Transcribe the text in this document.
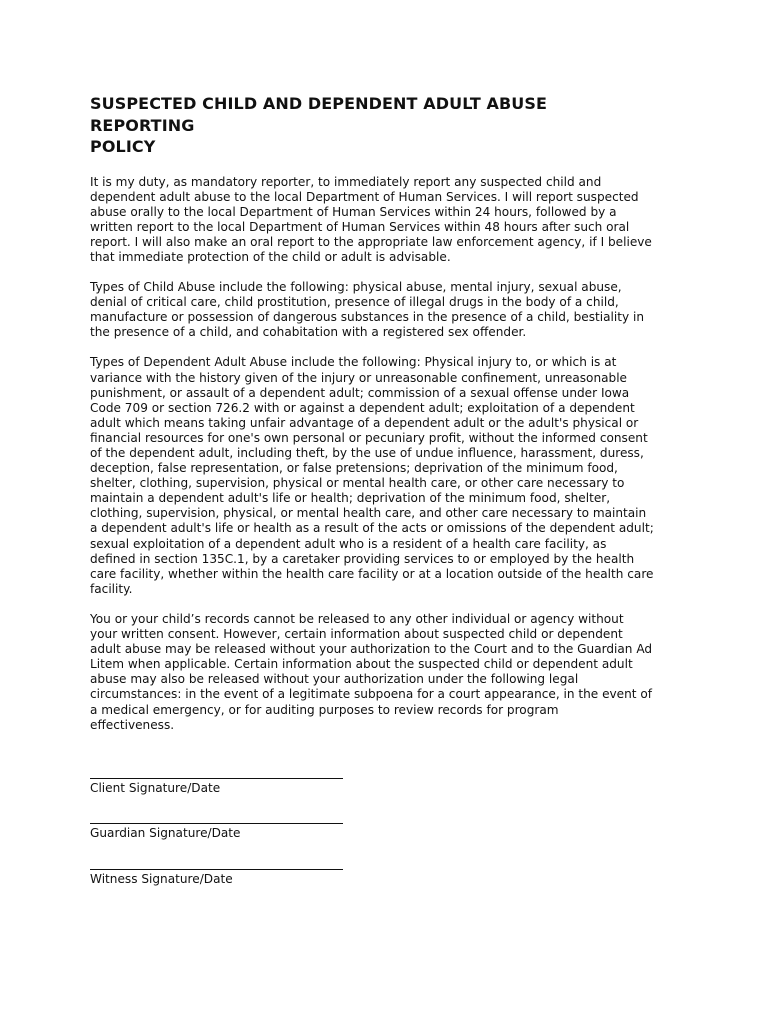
SUSPECTED CHILD AND DEPENDENT ADULT ABUSE
REPORTING
POLICY

It is my duty, as mandatory reporter, to immediately report any suspected child and
dependent adult abuse to the local Department of Human Services. I will report suspected
abuse orally to the local Department of Human Services within 24 hours, followed by a
written report to the local Department of Human Services within 48 hours after such oral
report. I will also make an oral report to the appropriate law enforcement agency, if I believe
that immediate protection of the child or adult is advisable.

Types of Child Abuse include the following: physical abuse, mental injury, sexual abuse,
denial of critical care, child prostitution, presence of illegal drugs in the body of a child,
manufacture or possession of dangerous substances in the presence of a child, bestiality in
the presence of a child, and cohabitation with a registered sex offender.

Types of Dependent Adult Abuse include the following: Physical injury to, or which is at
variance with the history given of the injury or unreasonable confinement, unreasonable
punishment, or assault of a dependent adult; commission of a sexual offense under Iowa
Code 709 or section 726.2 with or against a dependent adult; exploitation of a dependent
adult which means taking unfair advantage of a dependent adult or the adult's physical or
financial resources for one's own personal or pecuniary profit, without the informed consent
of the dependent adult, including theft, by the use of undue influence, harassment, duress,
deception, false representation, or false pretensions; deprivation of the minimum food,
shelter, clothing, supervision, physical or mental health care, or other care necessary to
maintain a dependent adult's life or health; deprivation of the minimum food, shelter,
clothing, supervision, physical, or mental health care, and other care necessary to maintain
a dependent adult's life or health as a result of the acts or omissions of the dependent adult;
sexual exploitation of a dependent adult who is a resident of a health care facility, as
defined in section 135C.1, by a caretaker providing services to or employed by the health
care facility, whether within the health care facility or at a location outside of the health care
facility.

You or your child’s records cannot be released to any other individual or agency without
your written consent. However, certain information about suspected child or dependent
adult abuse may be released without your authorization to the Court and to the Guardian Ad
Litem when applicable. Certain information about the suspected child or dependent adult
abuse may also be released without your authorization under the following legal
circumstances: in the event of a legitimate subpoena for a court appearance, in the event of
a medical emergency, or for auditing purposes to review records for program
effectiveness.

Client Signature/Date
Guardian Signature/Date
Witness Signature/Date
